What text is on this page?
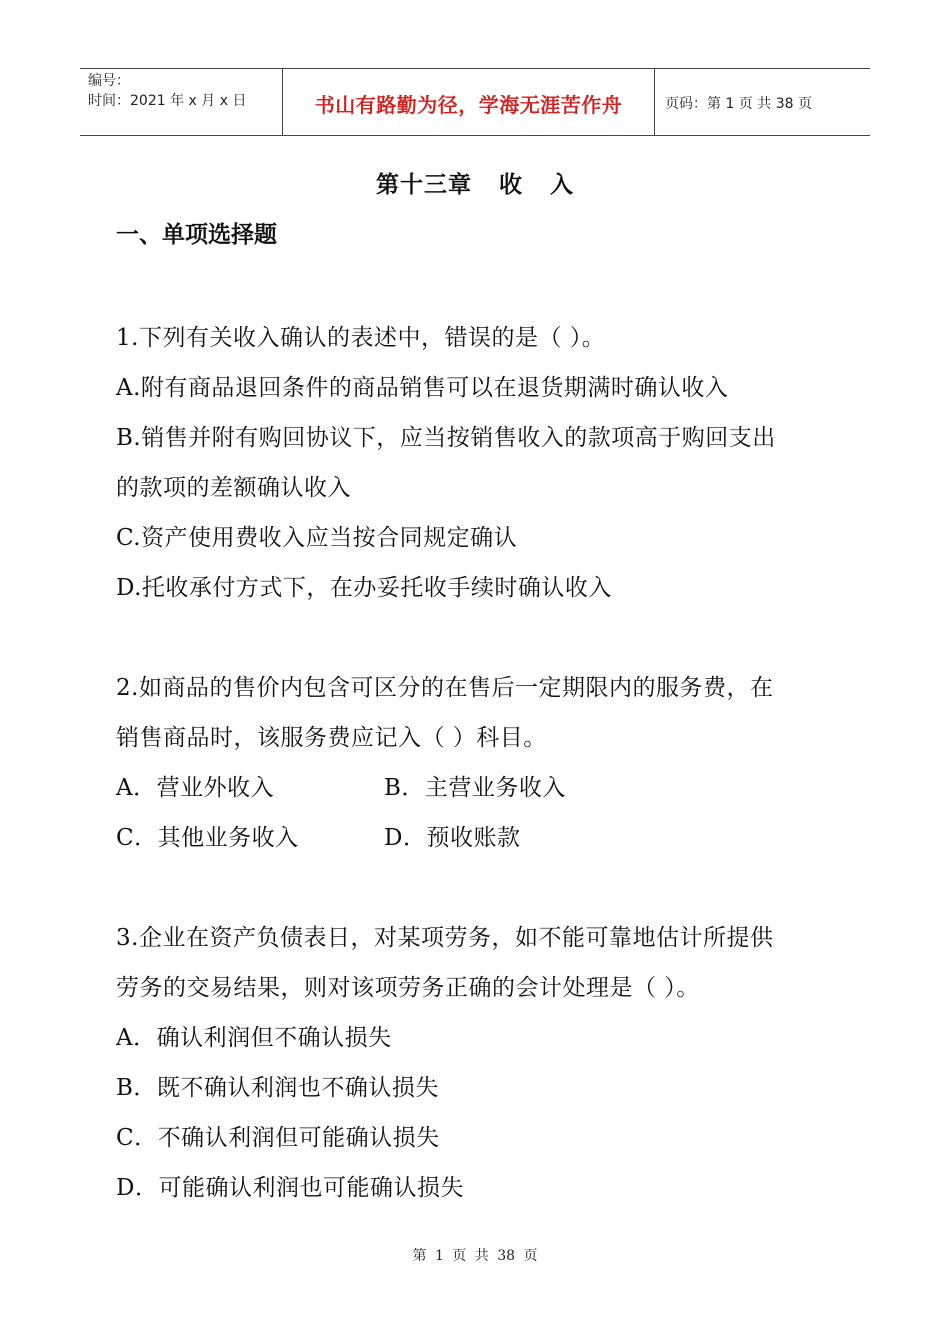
编号：
时间：2021 年 x 月 x 日	书山有路勤为径，学海无涯苦作舟	页码：第 1 页 共 38 页
第十三章   收   入
一、单项选择题
1.下列有关收入确认的表述中，错误的是（ ）。
A.附有商品退回条件的商品销售可以在退货期满时确认收入
B.销售并附有购回协议下，应当按销售收入的款项高于购回支出
的款项的差额确认收入
C.资产使用费收入应当按合同规定确认
D.托收承付方式下，在办妥托收手续时确认收入
2.如商品的售价内包含可区分的在售后一定期限内的服务费，在
销售商品时，该服务费应记入（ ）科目。
A．营业外收入	B．主营业务收入
C．其他业务收入	D．预收账款
3.企业在资产负债表日，对某项劳务，如不能可靠地估计所提供
劳务的交易结果，则对该项劳务正确的会计处理是（ ）。
A．确认利润但不确认损失
B．既不确认利润也不确认损失
C．不确认利润但可能确认损失
D．可能确认利润也可能确认损失
第 1 页 共 38 页
